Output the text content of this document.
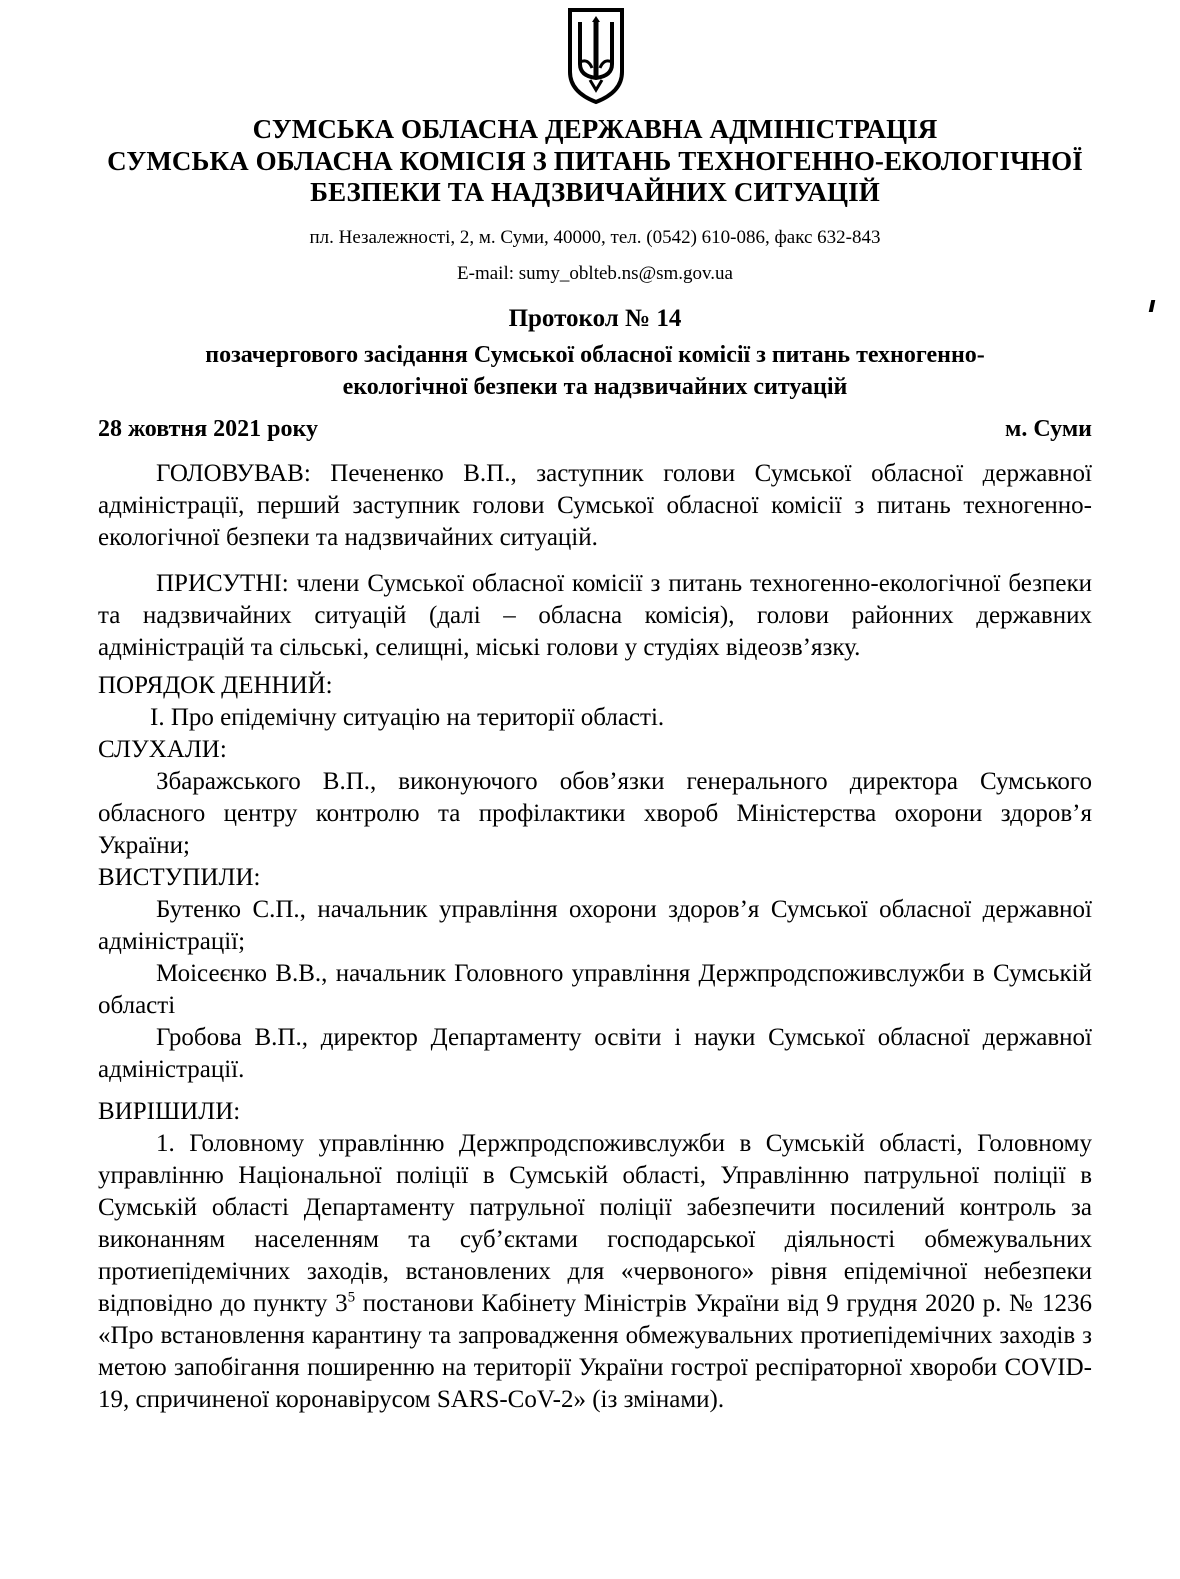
СУМСЬКА ОБЛАСНА ДЕРЖАВНА АДМІНІСТРАЦІЯ
СУМСЬКА ОБЛАСНА КОМІСІЯ З ПИТАНЬ ТЕХНОГЕННО-ЕКОЛОГІЧНОЇ
БЕЗПЕКИ ТА НАДЗВИЧАЙНИХ СИТУАЦІЙ
пл. Незалежності, 2, м. Суми, 40000, тел. (0542) 610-086, факс 632-843
E-mail: sumy_oblteb.ns@sm.gov.ua
Протокол № 14
позачергового засідання Сумської обласної комісії з питань техногенно-
екологічної безпеки та надзвичайних ситуацій
28 жовтня 2021 року	м. Суми

ГОЛОВУВАВ: Печененко В.П., заступник голови Сумської обласної державної адміністрації, перший заступник голови Сумської обласної комісії з питань техногенно-екологічної безпеки та надзвичайних ситуацій.

ПРИСУТНІ: члени Сумської обласної комісії з питань техногенно-екологічної безпеки та надзвичайних ситуацій (далі – обласна комісія), голови районних державних адміністрацій та сільські, селищні, міські голови у студіях відеозв’язку.

ПОРЯДОК ДЕННИЙ:

І. Про епідемічну ситуацію на території області.

СЛУХАЛИ:

Збаражського В.П., виконуючого обов’язки генерального директора Сумського обласного центру контролю та профілактики хвороб Міністерства охорони здоров’я України;

ВИСТУПИЛИ:

Бутенко С.П., начальник управління охорони здоров’я Сумської обласної державної адміністрації;

Моісеєнко В.В., начальник Головного управління Держпродспоживслужби в Сумській області

Гробова В.П., директор Департаменту освіти і науки Сумської обласної державної адміністрації.

ВИРІШИЛИ:

1. Головному управлінню Держпродспоживслужби в Сумській області, Головному управлінню Національної поліції в Сумській області, Управлінню патрульної поліції в Сумській області Департаменту патрульної поліції забезпечити посилений контроль за виконанням населенням та суб’єктами господарської діяльності обмежувальних протиепідемічних заходів, встановлених для «червоного» рівня епідемічної небезпеки відповідно до пункту $3^5$ постанови Кабінету Міністрів України від 9 грудня 2020 р. № 1236 «Про встановлення карантину та запровадження обмежувальних протиепідемічних заходів з метою запобігання поширенню на території України гострої респіраторної хвороби COVID-19, спричиненої коронавірусом SARS-CoV-2» (із змінами).
